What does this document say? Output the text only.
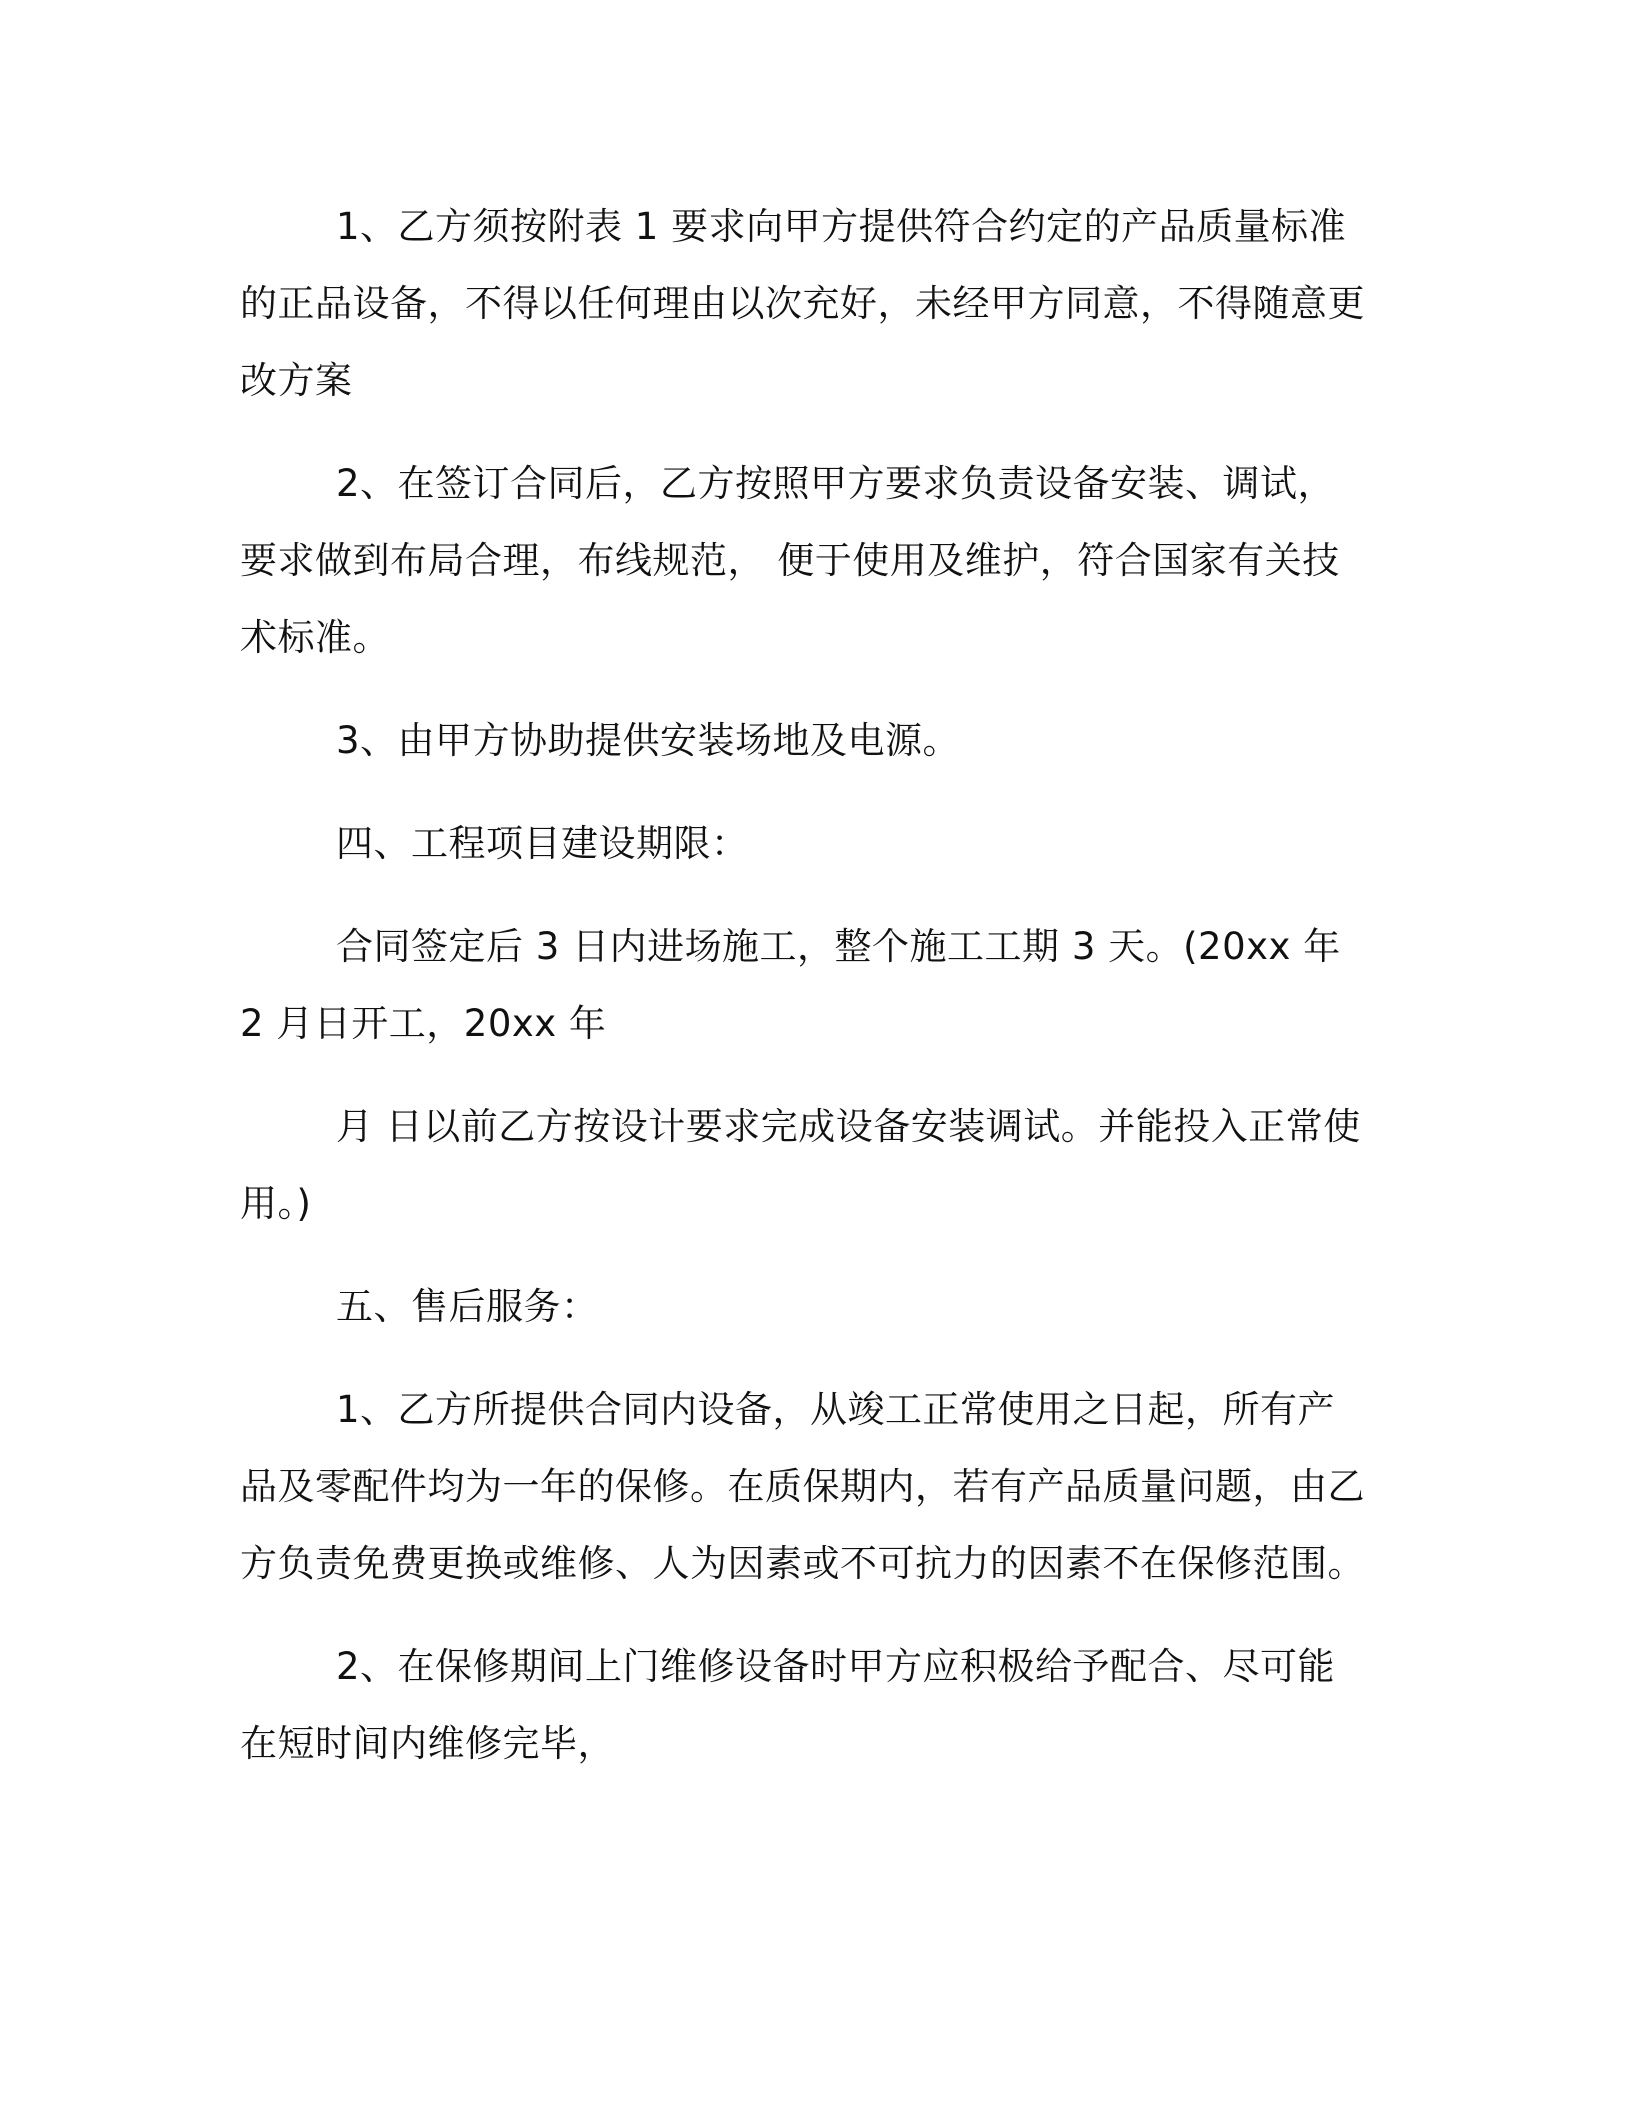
1、乙方须按附表 1 要求向甲方提供符合约定的产品质量标准的正品设备，不得以任何理由以次充好，未经甲方同意，不得随意更改方案

2、在签订合同后，乙方按照甲方要求负责设备安装、调试，要求做到布局合理，布线规范， 便于使用及维护，符合国家有关技术标准。

3、由甲方协助提供安装场地及电源。

四、工程项目建设期限：

合同签定后 3 日内进场施工，整个施工工期 3 天。(20xx 年 2 月日开工，20xx 年

月 日以前乙方按设计要求完成设备安装调试。并能投入正常使用。)

五、售后服务：

1、乙方所提供合同内设备，从竣工正常使用之日起，所有产品及零配件均为一年的保修。在质保期内，若有产品质量问题，由乙方负责免费更换或维修、人为因素或不可抗力的因素不在保修范围。

2、在保修期间上门维修设备时甲方应积极给予配合、尽可能在短时间内维修完毕，
